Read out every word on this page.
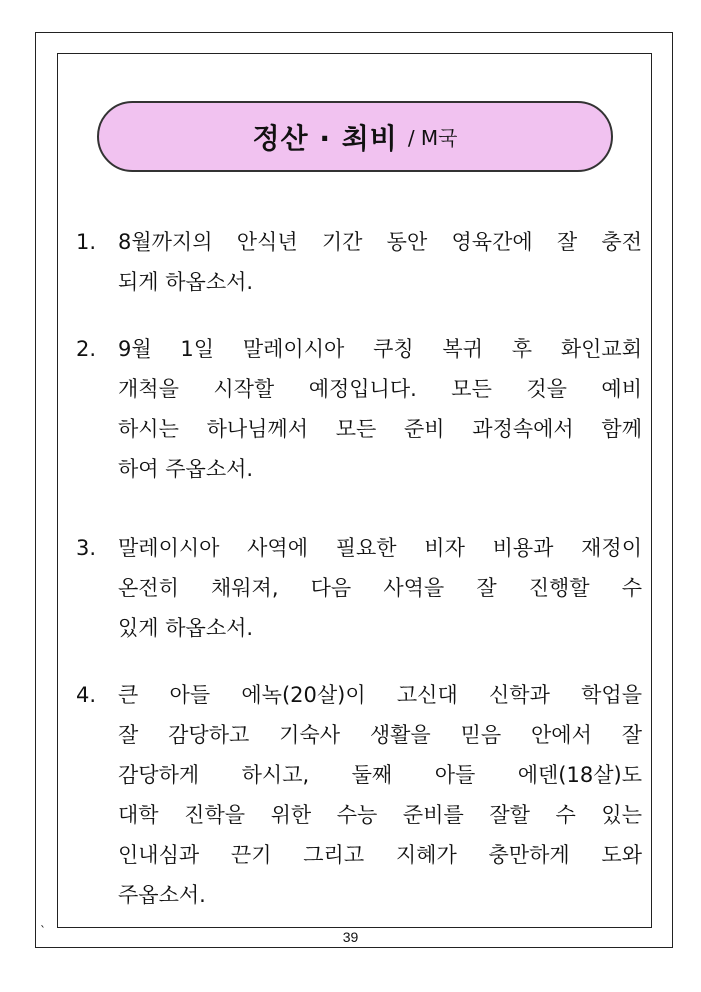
정산 · 최비 / M국
1.	8월까지의 안식년 기간 동안 영육간에 잘 충전
되게 하옵소서.
2.	9월 1일 말레이시아 쿠칭 복귀 후 화인교회
개척을 시작할 예정입니다. 모든 것을 예비
하시는 하나님께서 모든 준비 과정속에서 함께
하여 주옵소서.
3.	말레이시아 사역에 필요한 비자 비용과 재정이
온전히 채워져, 다음 사역을 잘 진행할 수
있게 하옵소서.
4.	큰 아들 에녹(20살)이 고신대 신학과 학업을
잘 감당하고 기숙사 생활을 믿음 안에서 잘
감당하게 하시고, 둘째 아들 에덴(18살)도
대학 진학을 위한 수능 준비를 잘할 수 있는
인내심과 끈기 그리고 지혜가 충만하게 도와
주옵소서.
`	39
